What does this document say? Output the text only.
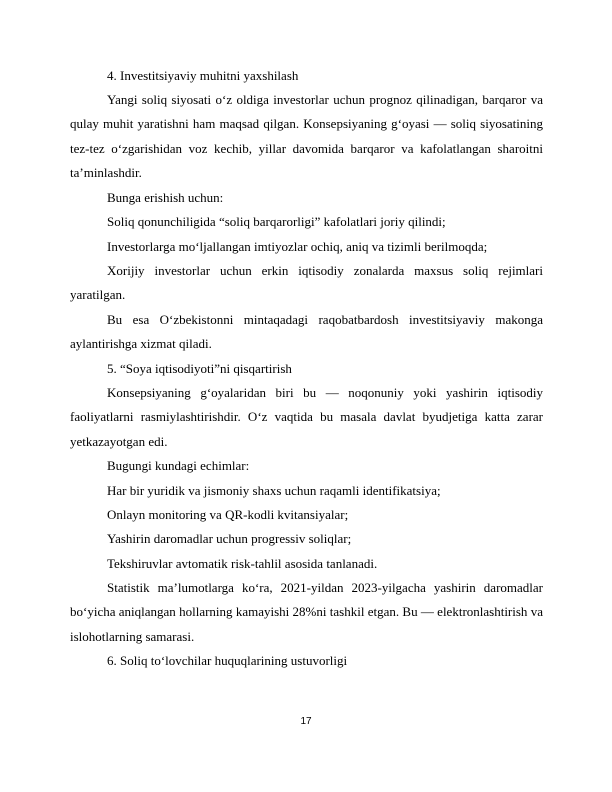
4. Investitsiyaviy muhitni yaxshilash

Yangi soliq siyosati o‘z oldiga investorlar uchun prognoz qilinadigan, barqaror va qulay muhit yaratishni ham maqsad qilgan. Konsepsiyaning g‘oyasi — soliq siyosatining tez-tez o‘zgarishidan voz kechib, yillar davomida barqaror va kafolatlangan sharoitni ta’minlashdir.

Bunga erishish uchun:

Soliq qonunchiligida “soliq barqarorligi” kafolatlari joriy qilindi;

Investorlarga mo‘ljallangan imtiyozlar ochiq, aniq va tizimli berilmoqda;

Xorijiy investorlar uchun erkin iqtisodiy zonalarda maxsus soliq rejimlari yaratilgan.

Bu esa O‘zbekistonni mintaqadagi raqobatbardosh investitsiyaviy makonga aylantirishga xizmat qiladi.

5. “Soya iqtisodiyoti”ni qisqartirish

Konsepsiyaning g‘oyalaridan biri bu — noqonuniy yoki yashirin iqtisodiy faoliyatlarni rasmiylashtirishdir. O‘z vaqtida bu masala davlat byudjetiga katta zarar yetkazayotgan edi.

Bugungi kundagi echimlar:

Har bir yuridik va jismoniy shaxs uchun raqamli identifikatsiya;

Onlayn monitoring va QR-kodli kvitansiyalar;

Yashirin daromadlar uchun progressiv soliqlar;

Tekshiruvlar avtomatik risk-tahlil asosida tanlanadi.

Statistik ma’lumotlarga ko‘ra, 2021-yildan 2023-yilgacha yashirin daromadlar bo‘yicha aniqlangan hollarning kamayishi 28%ni tashkil etgan. Bu — elektronlashtirish va islohotlarning samarasi.

6. Soliq to‘lovchilar huquqlarining ustuvorligi

17
